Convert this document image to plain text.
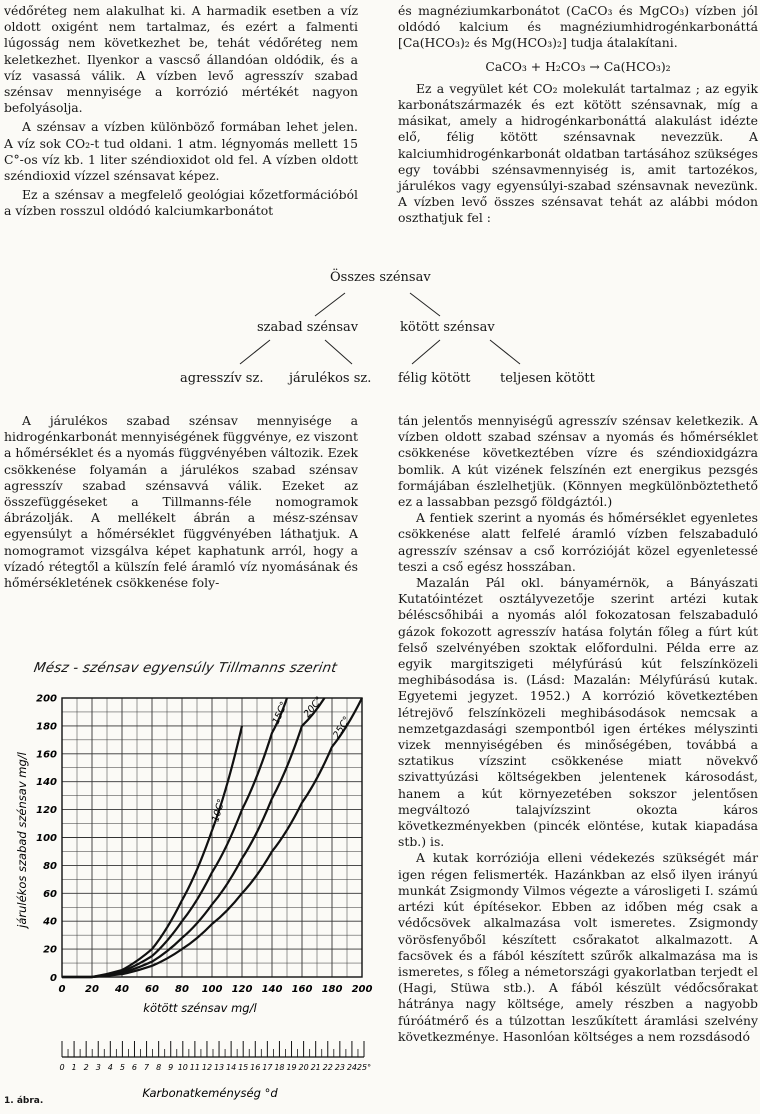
védőréteg nem alakulhat ki. A harmadik esetben a víz oldott oxigént nem tartalmaz, és ezért a falmenti lúgosság nem következhet be, tehát védőréteg nem keletkezhet. Ilyenkor a vascső állandóan oldódik, és a víz vasassá válik. A vízben levő agresszív szabad szénsav mennyisége a korrózió mértékét nagyon befolyásolja.

A szénsav a vízben különböző formában lehet jelen. A víz sok CO₂-t tud oldani. 1 atm. légnyomás mellett 15 C°-os víz kb. 1 liter széndioxidot old fel. A vízben oldott széndioxid vízzel szénsavat képez.

Ez a szénsav a megfelelő geológiai kőzetformációból a vízben rosszul oldódó kalciumkarbonátot

és magnéziumkarbonátot (CaCO₃ és MgCO₃) vízben jól oldódó kalcium és magnéziumhidrogénkarbonáttá [Ca(HCO₃)₂ és Mg(HCO₃)₂] tudja átalakítani.

CaCO₃ + H₂CO₃ → Ca(HCO₃)₂

Ez a vegyület két CO₂ molekulát tartalmaz ; az egyik karbonátszármazék és ezt kötött szénsavnak, míg a másikat, amely a hidrogénkarbonáttá alakulást idézte elő, félig kötött szénsavnak nevezzük. A kalciumhidrogénkarbonát oldatban tartásához szükséges egy további szénsavmennyiség is, amit tartozékos, járulékos vagy egyensúlyi-szabad szénsavnak nevezünk. A vízben levő összes szénsavat tehát az alábbi módon oszthatjuk fel :

Összes szénsav
szabad szénsav	kötött szénsav
agresszív sz. járulékos sz. félig kötött teljesen kötött

A járulékos szabad szénsav mennyisége a hidrogénkarbonát mennyiségének függvénye, ez viszont a hőmérséklet és a nyomás függvényében változik. Ezek csökkenése folyamán a járulékos szabad szénsav agresszív szabad szénsavvá válik. Ezeket az összefüggéseket a Tillmanns-féle nomogramok ábrázolják. A mellékelt ábrán a mész-szénsav egyensúlyt a hőmérséklet függvényében láthatjuk. A nomogramot vizsgálva képet kaphatunk arról, hogy a vízadó rétegtől a külszín felé áramló víz nyomásának és hőmérsékletének csökkenése foly-

tán jelentős mennyiségű agresszív szénsav keletkezik. A vízben oldott szabad szénsav a nyomás és hőmérséklet csökkenése következtében vízre és széndioxidgázra bomlik. A kút vizének felszínén ezt energikus pezsgés formájában észlelhetjük. (Könnyen megkülönböztethető ez a lassabban pezsgő földgáztól.)

A fentiek szerint a nyomás és hőmérséklet egyenletes csökkenése alatt felfelé áramló vízben felszabaduló agresszív szénsav a cső korrózióját közel egyenletessé teszi a cső egész hosszában.

Mazalán Pál okl. bányamérnök, a Bányászati Kutatóintézet osztályvezetője szerint artézi kutak béléscsőhibái a nyomás alól fokozatosan felszabaduló gázok fokozott agresszív hatása folytán főleg a fúrt kút felső szelvényében szoktak előfordulni. Példa erre az egyik margitszigeti mélyfúrású kút felszínközeli meghibásodása is. (Lásd: Mazalán: Mélyfúrású kutak. Egyetemi jegyzet. 1952.) A korrózió következtében létrejövő felszínközeli meghibásodások nemcsak a nemzetgazdasági szempontból igen értékes mélyszinti vizek mennyiségében és minőségében, továbbá a sztatikus vízszint csökkenése miatt növekvő szivattyúzási költségekben jelentenek károsodást, hanem a kút környezetében sokszor jelentősen megváltozó talajvízszint okozta káros következményekben (pincék elöntése, kutak kiapadása stb.) is.

A kutak korróziója elleni védekezés szükségét már igen régen felismerték. Hazánkban az első ilyen irányú munkát Zsigmondy Vilmos végezte a városligeti I. számú artézi kút építésekor. Ebben az időben még csak a védőcsövek alkalmazása volt ismeretes. Zsigmondy vörösfenyőből készített csőrakatot alkalmazott. A facsövek és a fából készített szűrők alkalmazása ma is ismeretes, s főleg a németországi gyakorlatban terjedt el (Hagi, Stüwa stb.). A fából készült védőcsőrakat hátránya nagy költsége, amely részben a nagyobb fúróátmérő és a túlzottan leszűkített áramlási szelvény következménye. Hasonlóan költséges a nem rozsdásodó

Mész - szénsav egyensúly Tillmanns szerint
0 20 40 60 80 100 120 140 160 180 200
20
40
60
80
100
120
140
160
180
200
0
10C°
15C° 20C°
25C°
0 1 2 3 4 5 6 7 8 9 10 11 12 13 14 15 16 17 18 19 20 21 22 23 24 25°
járulékos szabad szénsav mg/l
kötött szénsav mg/l
Karbonatkeménység °d
1. ábra.
